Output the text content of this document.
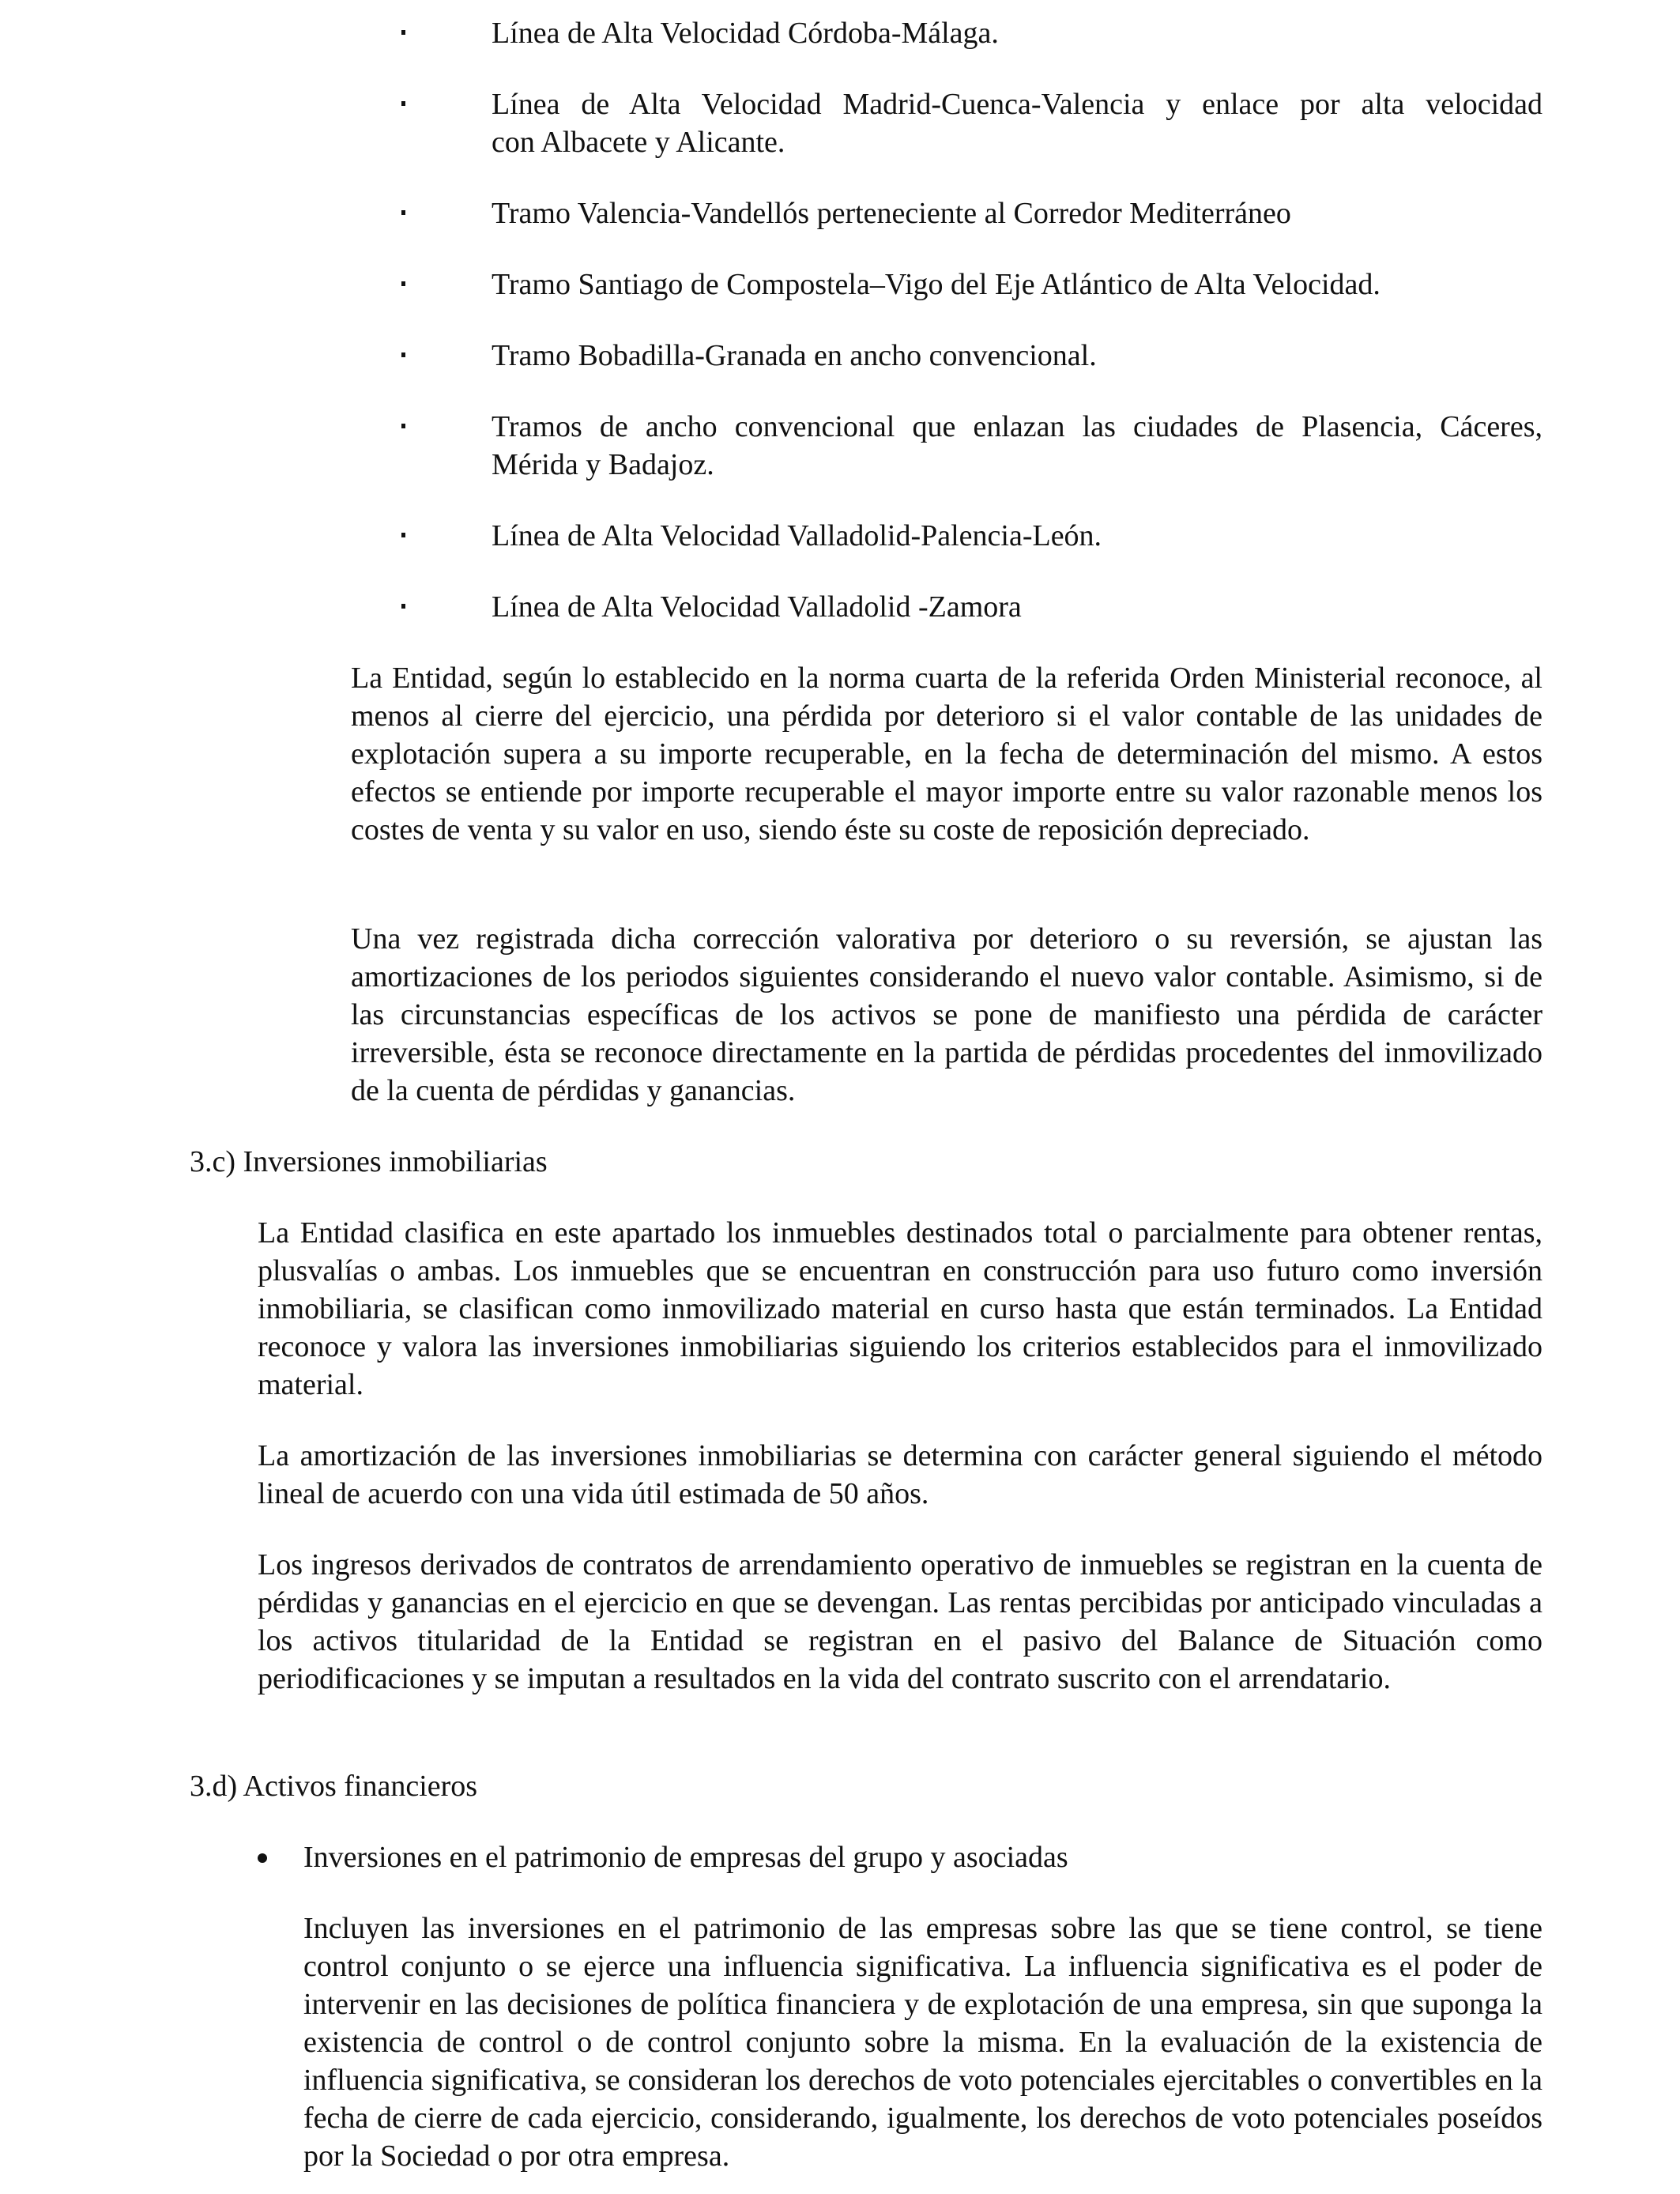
Línea de Alta Velocidad Córdoba-Málaga.
Línea de Alta Velocidad Madrid-Cuenca-Valencia y enlace por alta velocidad
con Albacete y Alicante.
Tramo Valencia-Vandellós perteneciente al Corredor Mediterráneo
Tramo Santiago de Compostela–Vigo del Eje Atlántico de Alta Velocidad.
Tramo Bobadilla-Granada en ancho convencional.
Tramos de ancho convencional que enlazan las ciudades de Plasencia, Cáceres,
Mérida y Badajoz.
Línea de Alta Velocidad Valladolid-Palencia-León.
Línea de Alta Velocidad Valladolid -Zamora
La Entidad, según lo establecido en la norma cuarta de la referida Orden Ministerial reconoce, al menos al cierre del ejercicio, una pérdida por deterioro si el valor contable de las unidades de explotación supera a su importe recuperable, en la fecha de determinación del mismo. A estos efectos se entiende por importe recuperable el mayor importe entre su valor razonable menos los costes de venta y su valor en uso, siendo éste su coste de reposición depreciado.
Una vez registrada dicha corrección valorativa por deterioro o su reversión, se ajustan las amortizaciones de los periodos siguientes considerando el nuevo valor contable. Asimismo, si de las circunstancias específicas de los activos se pone de manifiesto una pérdida de carácter irreversible, ésta se reconoce directamente en la partida de pérdidas procedentes del inmovilizado de la cuenta de pérdidas y ganancias.
3.c) Inversiones inmobiliarias
La Entidad clasifica en este apartado los inmuebles destinados total o parcialmente para obtener rentas, plusvalías o ambas. Los inmuebles que se encuentran en construcción para uso futuro como inversión inmobiliaria, se clasifican como inmovilizado material en curso hasta que están terminados. La Entidad reconoce y valora las inversiones inmobiliarias siguiendo los criterios establecidos para el inmovilizado material.
La amortización de las inversiones inmobiliarias se determina con carácter general siguiendo el método lineal de acuerdo con una vida útil estimada de 50 años.
Los ingresos derivados de contratos de arrendamiento operativo de inmuebles se registran en la cuenta de pérdidas y ganancias en el ejercicio en que se devengan. Las rentas percibidas por anticipado vinculadas a los activos titularidad de la Entidad se registran en el pasivo del Balance de Situación como periodificaciones y se imputan a resultados en la vida del contrato suscrito con el arrendatario.
3.d) Activos financieros
Inversiones en el patrimonio de empresas del grupo y asociadas
Incluyen las inversiones en el patrimonio de las empresas sobre las que se tiene control, se tiene control conjunto o se ejerce una influencia significativa. La influencia significativa es el poder de intervenir en las decisiones de política financiera y de explotación de una empresa, sin que suponga la existencia de control o de control conjunto sobre la misma. En la evaluación de la existencia de influencia significativa, se consideran los derechos de voto potenciales ejercitables o convertibles en la fecha de cierre de cada ejercicio, considerando, igualmente, los derechos de voto potenciales poseídos por la Sociedad o por otra empresa.
